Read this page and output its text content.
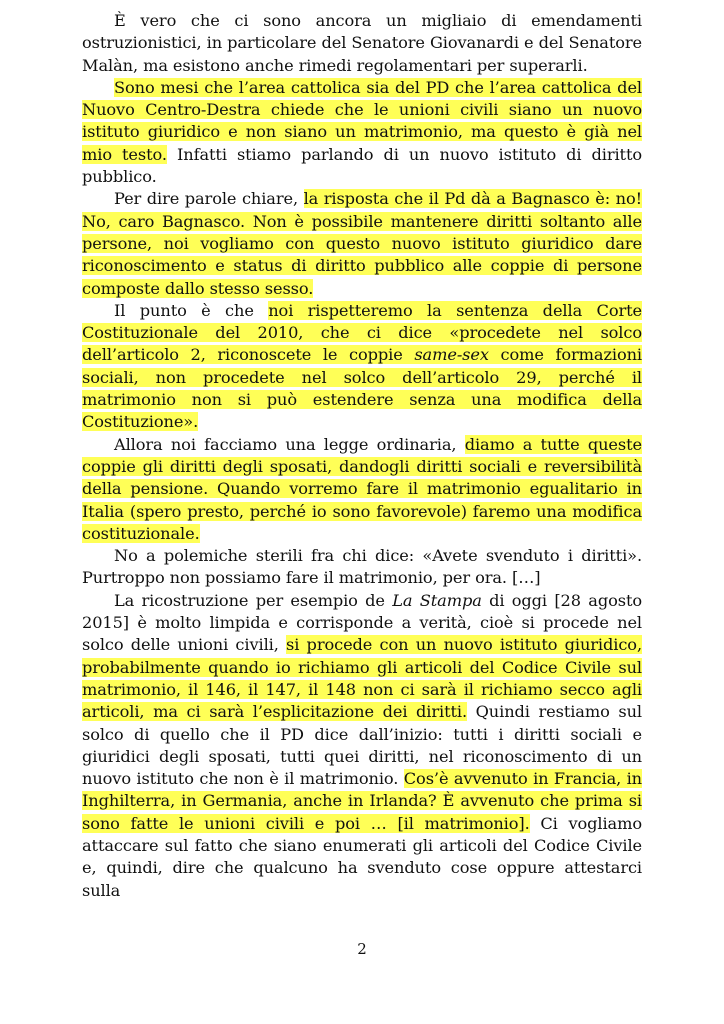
È vero che ci sono ancora un migliaio di emendamenti ostruzionistici, in particolare del Senatore Giovanardi e del Senatore Malàn, ma esistono anche rimedi regolamentari per superarli.

Sono mesi che l’area cattolica sia del PD che l’area cattolica del Nuovo Centro-Destra chiede che le unioni civili siano un nuovo istituto giuridico e non siano un matrimonio, ma questo è già nel mio testo. Infatti stiamo parlando di un nuovo istituto di diritto pubblico.

Per dire parole chiare, la risposta che il Pd dà a Bagnasco è: no! No, caro Bagnasco. Non è possibile mantenere diritti soltanto alle persone, noi vogliamo con questo nuovo istituto giuridico dare riconoscimento e status di diritto pubblico alle coppie di persone composte dallo stesso sesso.

Il punto è che noi rispetteremo la sentenza della Corte Costituzionale del 2010, che ci dice «procedete nel solco dell’articolo 2, riconoscete le coppie same-sex come formazioni sociali, non procedete nel solco dell’articolo 29, perché il matrimonio non si può estendere senza una modifica della Costituzione».

Allora noi facciamo una legge ordinaria, diamo a tutte queste coppie gli diritti degli sposati, dandogli diritti sociali e reversibilità della pensione. Quando vorremo fare il matrimonio egualitario in Italia (spero presto, perché io sono favorevole) faremo una modifica costituzionale.

No a polemiche sterili fra chi dice: «Avete svenduto i diritti». Purtroppo non possiamo fare il matrimonio, per ora. […]

La ricostruzione per esempio de La Stampa di oggi [28 agosto 2015] è molto limpida e corrisponde a verità, cioè si procede nel solco delle unioni civili, si procede con un nuovo istituto giuridico, probabilmente quando io richiamo gli articoli del Codice Civile sul matrimonio, il 146, il 147, il 148 non ci sarà il richiamo secco agli articoli, ma ci sarà l’esplicitazione dei diritti. Quindi restiamo sul solco di quello che il PD dice dall’inizio: tutti i diritti sociali e giuridici degli sposati, tutti quei diritti, nel riconoscimento di un nuovo istituto che non è il matrimonio. Cos’è avvenuto in Francia, in Inghilterra, in Germania, anche in Irlanda? È avvenuto che prima si sono fatte le unioni civili e poi … [il matrimonio]. Ci vogliamo attaccare sul fatto che siano enumerati gli articoli del Codice Civile e, quindi, dire che qualcuno ha svenduto cose oppure attestarci sulla

2
